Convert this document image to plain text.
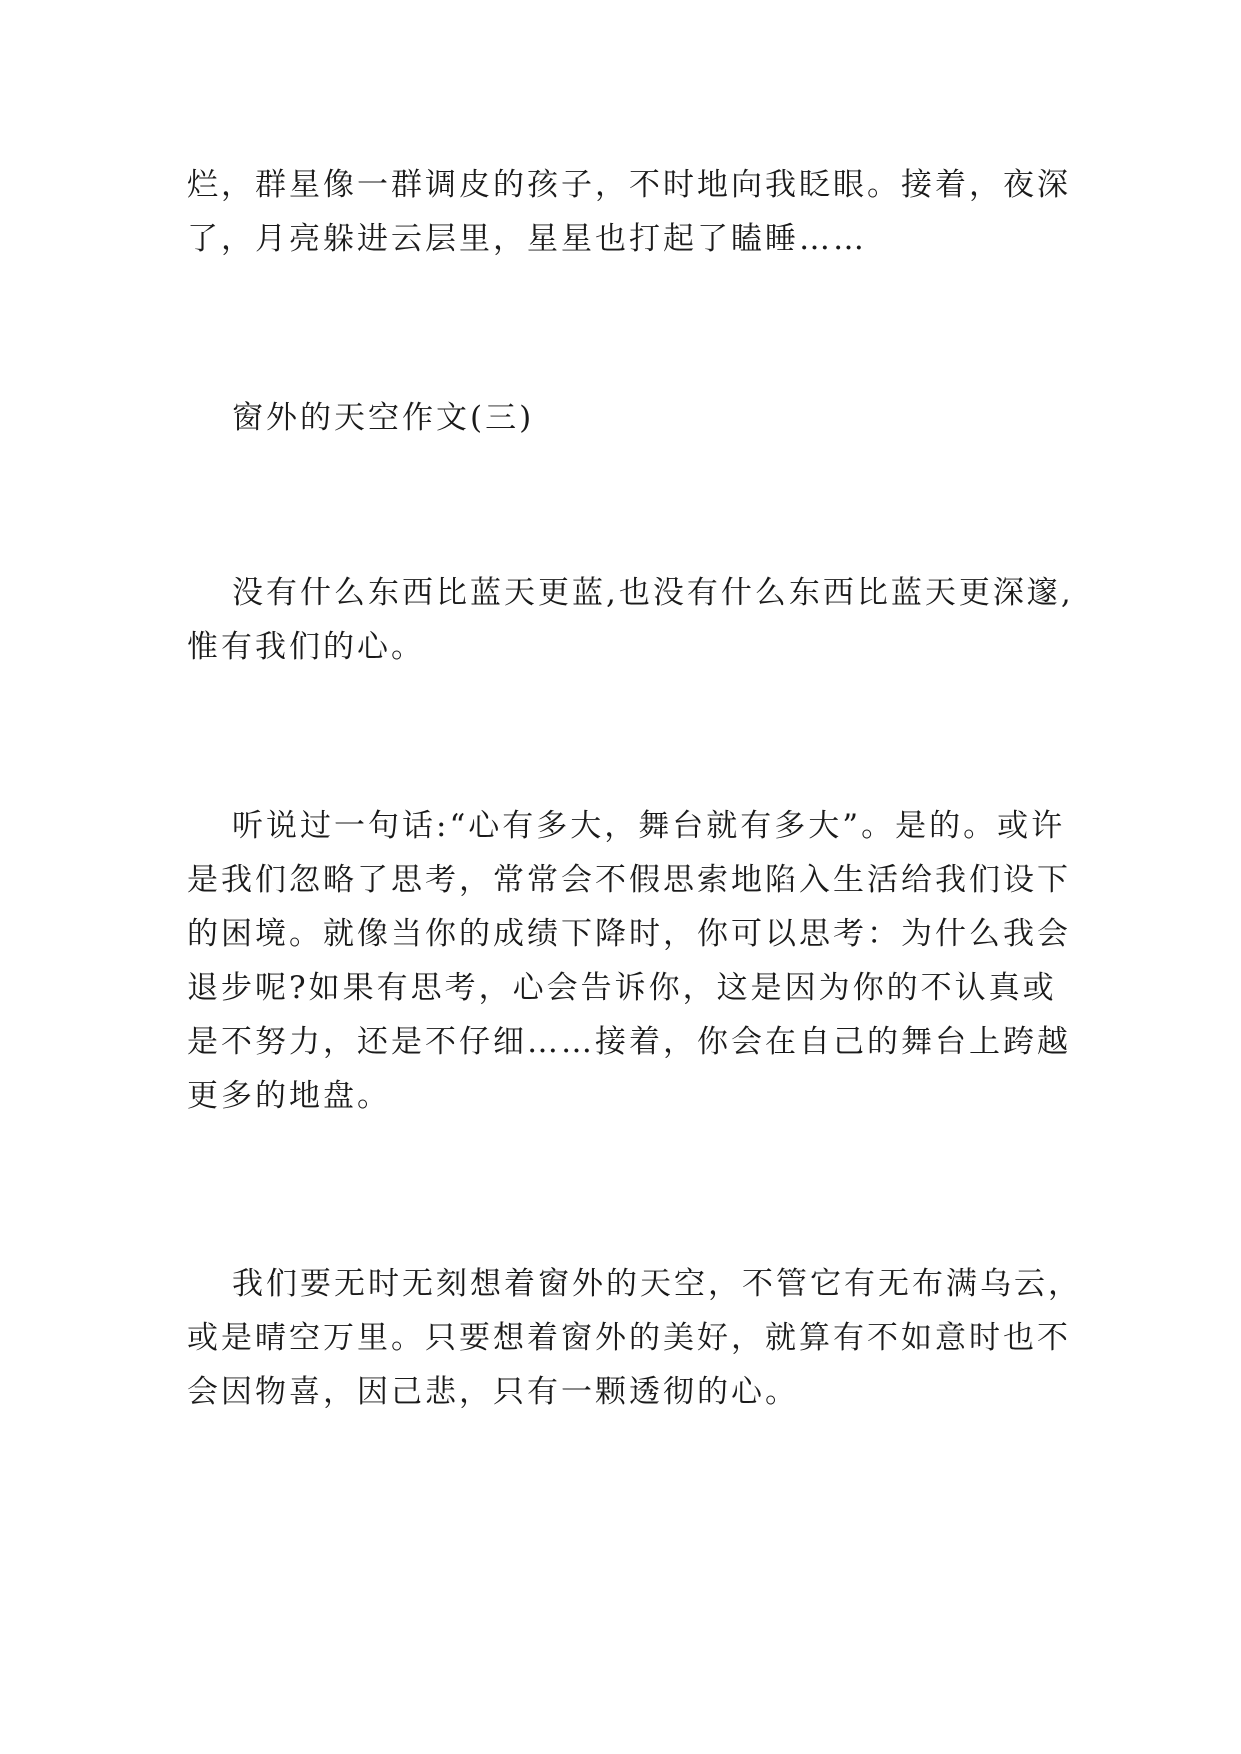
烂，群星像一群调皮的孩子，不时地向我眨眼。接着，夜深
了，月亮躲进云层里，星星也打起了瞌睡……

窗外的天空作文(三)

没有什么东西比蓝天更蓝,也没有什么东西比蓝天更深邃,
惟有我们的心。

听说过一句话:“心有多大，舞台就有多大”。是的。或许
是我们忽略了思考，常常会不假思索地陷入生活给我们设下
的困境。就像当你的成绩下降时，你可以思考：为什么我会
退步呢?如果有思考，心会告诉你，这是因为你的不认真或
是不努力，还是不仔细……接着，你会在自己的舞台上跨越
更多的地盘。

我们要无时无刻想着窗外的天空，不管它有无布满乌云，
或是晴空万里。只要想着窗外的美好，就算有不如意时也不
会因物喜，因己悲，只有一颗透彻的心。
